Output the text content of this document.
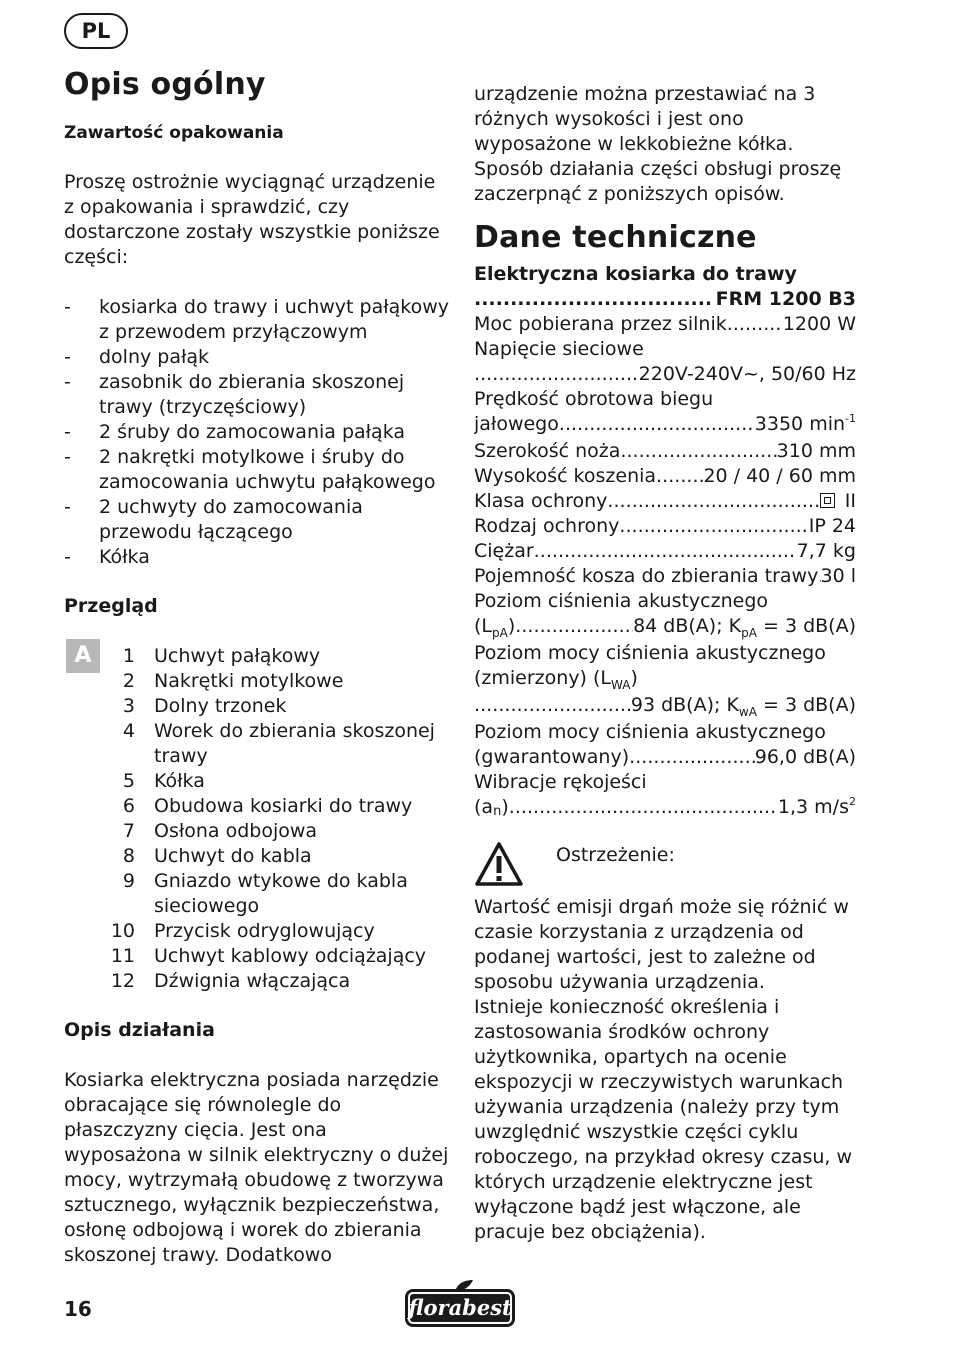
PL
Opis ogólny
Zawartość opakowania

Proszę ostrożnie wyciągnąć urządzenie z opakowania i sprawdzić, czy dostarczone zostały wszystkie poniższe części:

- kosiarka do trawy i uchwyt pałąkowy z przewodem przyłączowym
- dolny pałąk
- zasobnik do zbierania skoszonej trawy (trzyczęściowy)
- 2 śruby do zamocowania pałąka
- 2 nakrętki motylkowe i śruby do zamocowania uchwytu pałąkowego
- 2 uchwyty do zamocowania przewodu łączącego
- Kółka
Przegląd
A	1	Uchwyt pałąkowy
2	Nakrętki motylkowe
3	Dolny trzonek
4	Worek do zbierania skoszonej trawy
5	Kółka
6	Obudowa kosiarki do trawy
7	Osłona odbojowa
8	Uchwyt do kabla
9	Gniazdo wtykowe do kabla sieciowego
10	Przycisk odryglowujący
11	Uchwyt kablowy odciążający
12	Dźwignia włączająca
Opis działania

Kosiarka elektryczna posiada narzędzie obracające się równolegle do płaszczyzny cięcia. Jest ona wyposażona w silnik elektryczny o dużej mocy, wytrzymałą obudowę z tworzywa sztucznego, wyłącznik bezpieczeństwa, osłonę odbojową i worek do zbierania skoszonej trawy. Dodatkowo

urządzenie można przestawiać na 3 różnych wysokości i jest ono wyposażone w lekkobieżne kółka.

Sposób działania części obsługi proszę zaczerpnąć z poniższych opisów.

Dane techniczne
Elektryczna kosiarka do trawy
.....
FRM 1200 B3
Moc pobierana przez silnik . . .	1200 W
Napięcie sieciowe
. . .
220V-240V~, 50/60 Hz
Prędkość obrotowa biegu
jałowego . . .	3350 min -1
Szerokość noża . . .	310 mm
Wysokość koszenia . . . 20 / 40 / 60 mm
Klasa ochrony . . .	II
Rodzaj ochrony . . .	IP 24
Ciężar . . .	7,7 kg
Pojemność kosza do zbierania trawy . . . 30 l
Poziom ciśnienia akustycznego
(L pA ) . . .	84 dB(A); K pA = 3 dB(A)
Poziom mocy ciśnienia akustycznego
(zmierzony) $(L_{WA})$
. . .
93 dB(A); K wA = 3 dB(A)
Poziom mocy ciśnienia akustycznego
(gwarantowany) . . .	96,0 dB(A)
Wibracje rękojeści
(a n ) . . .	1,3 m/s 2
Ostrzeżenie:

Wartość emisji drgań może się różnić w czasie korzystania z urządzenia od podanej wartości, jest to zależne od sposobu używania urządzenia.

Istnieje konieczność określenia i zastosowania środków ochrony użytkownika, opartych na ocenie ekspozycji w rzeczywistych warunkach używania urządzenia (należy przy tym uwzględnić wszystkie części cyklu roboczego, na przykład okresy czasu, w których urządzenie elektryczne jest wyłączone bądź jest włączone, ale pracuje bez obciążenia).

16	florabest
